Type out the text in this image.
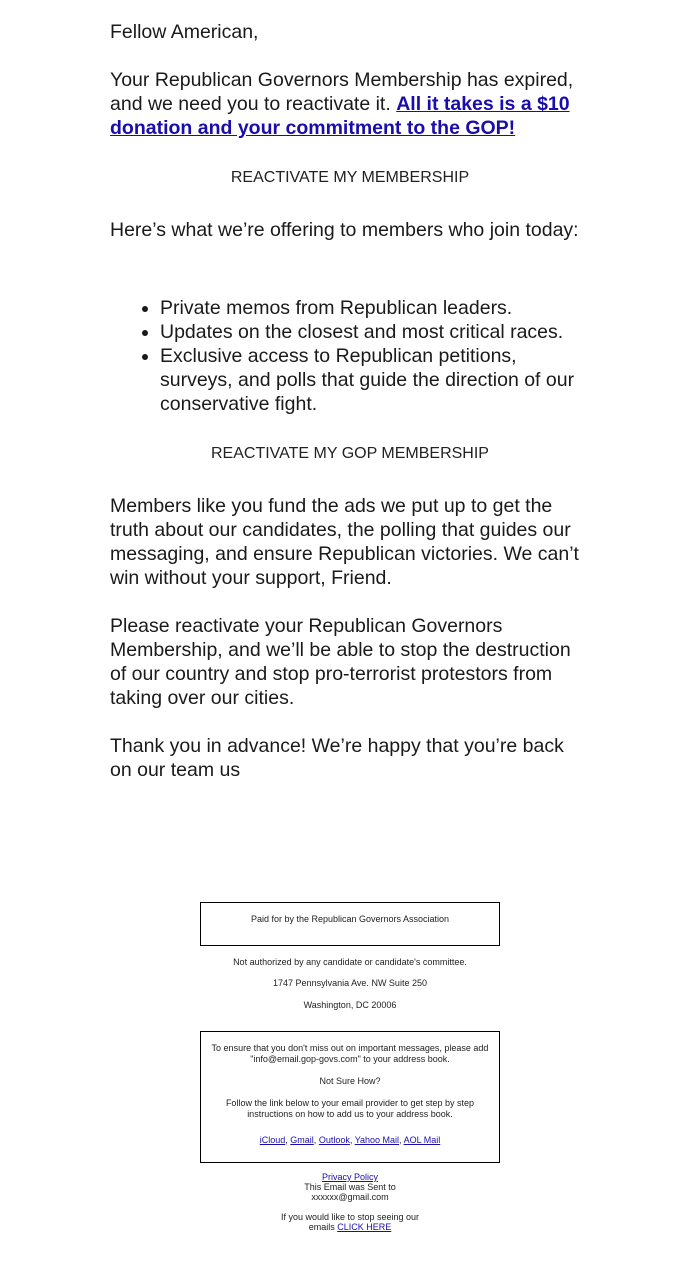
Fellow American,

Your Republican Governors Membership has expired, and we need you to reactivate it. All it takes is a $10 donation and your commitment to the GOP!

REACTIVATE MY MEMBERSHIP

Here’s what we’re offering to members who join today:

• Private memos from Republican leaders.
• Updates on the closest and most critical races.
• Exclusive access to Republican petitions, surveys, and polls that guide the direction of our conservative fight.
REACTIVATE MY GOP MEMBERSHIP

Members like you fund the ads we put up to get the truth about our candidates, the polling that guides our messaging, and ensure Republican victories. We can’t win without your support, Friend.

Please reactivate your Republican Governors Membership, and we’ll be able to stop the destruction of our country and stop pro-terrorist protestors from taking over our cities.

Thank you in advance! We’re happy that you’re back on our team us

Paid for by the Republican Governors Association
Not authorized by any candidate or candidate's committee.
1747 Pennsylvania Ave. NW Suite 250
Washington, DC 20006

To ensure that you don't miss out on important messages, please add "info@email.gop-govs.com" to your address book.

Not Sure How?

Follow the link below to your email provider to get step by step instructions on how to add us to your address book.

iCloud, Gmail, Outlook, Yahoo Mail, AOL Mail

Privacy Policy

This Email was Sent to

xxxxxx@gmail.com

If you would like to stop seeing our emails CLICK HERE
